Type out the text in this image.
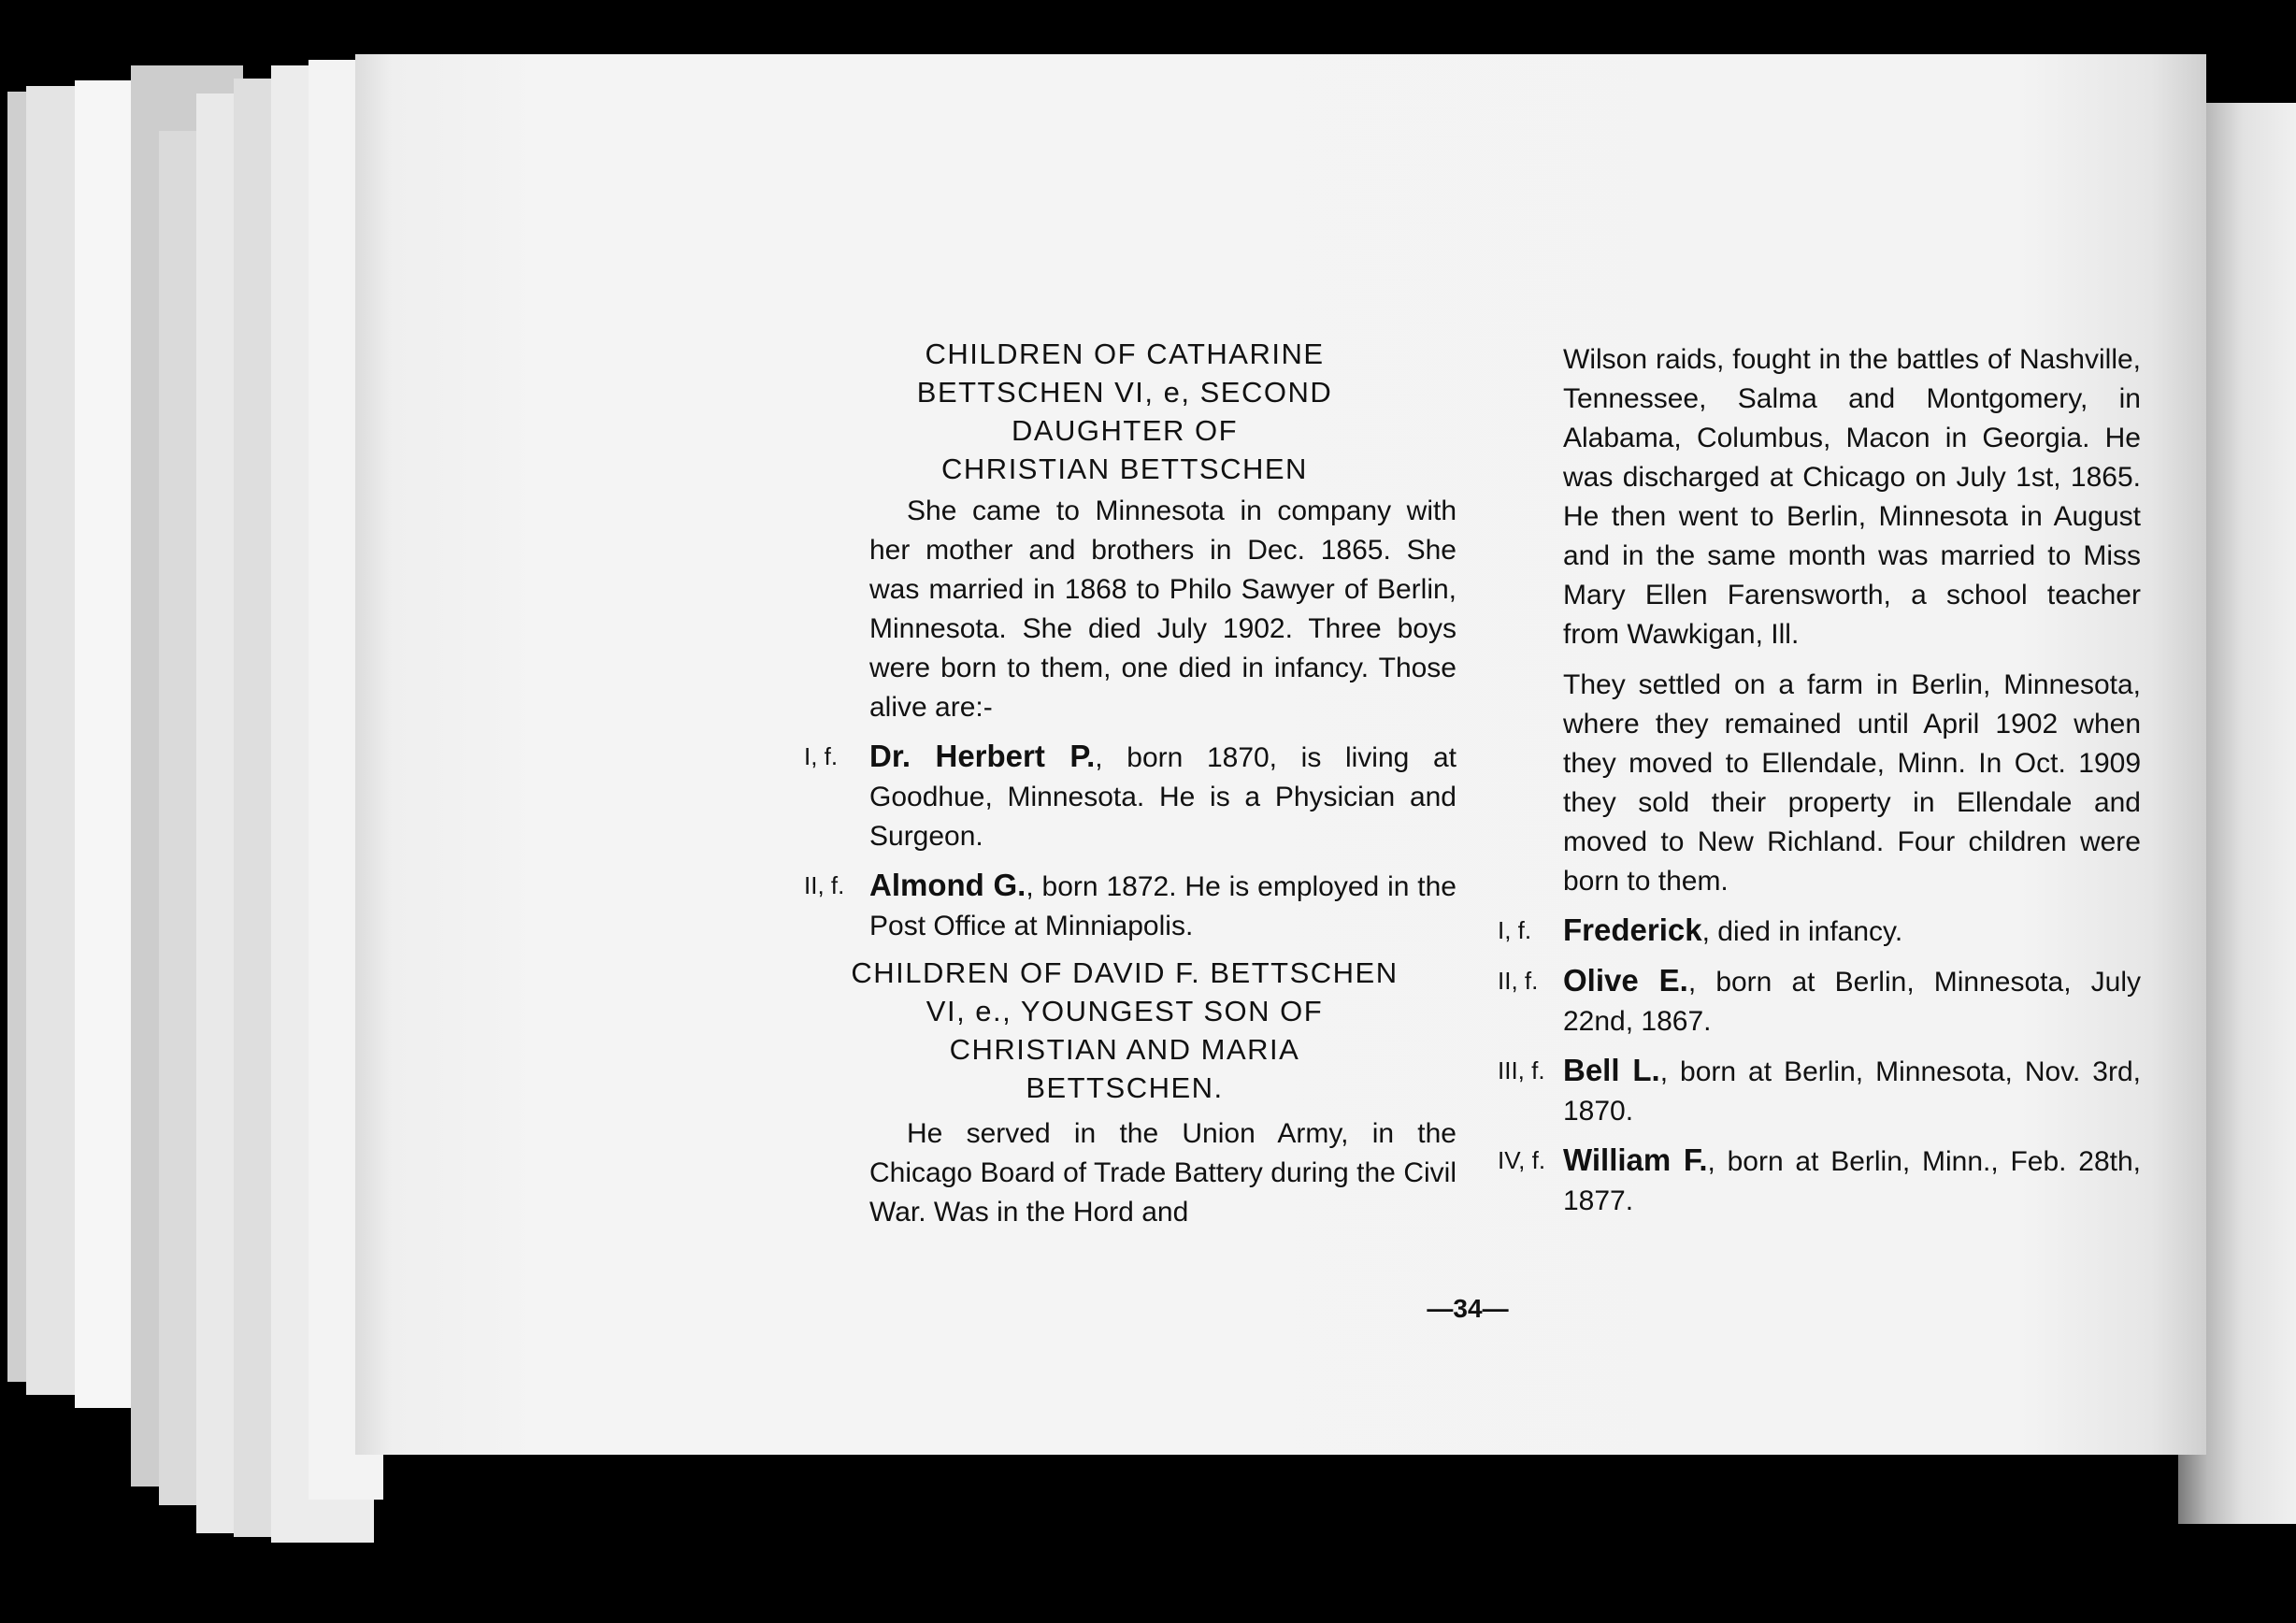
CHILDREN OF CATHARINE
BETTSCHEN VI, e, SECOND
DAUGHTER OF
CHRISTIAN BETTSCHEN

She came to Minnesota in company with her mother and brothers in Dec. 1865. She was married in 1868 to Philo Sawyer of Berlin, Minnesota. She died July 1902. Three boys were born to them, one died in infancy. Those alive are:-

I, f. Dr. Herbert P., born 1870, is living at Goodhue, Minnesota. He is a Physician and Surgeon.
II, f. Almond G., born 1872. He is employed in the Post Office at Minniapolis.
CHILDREN OF DAVID F. BETTSCHEN
VI, e., YOUNGEST SON OF
CHRISTIAN AND MARIA
BETTSCHEN.

He served in the Union Army, in the Chicago Board of Trade Battery during the Civil War. Was in the Hord and

Wilson raids, fought in the battles of Nashville, Tennessee, Salma and Montgomery, in Alabama, Columbus, Macon in Georgia. He was discharged at Chicago on July 1st, 1865. He then went to Berlin, Minnesota in August and in the same month was married to Miss Mary Ellen Farensworth, a school teacher from Wawkigan, Ill.

They settled on a farm in Berlin, Minnesota, where they remained until April 1902 when they moved to Ellendale, Minn. In Oct. 1909 they sold their property in Ellendale and moved to New Richland. Four children were born to them.

I, f. Frederick, died in infancy.
II, f. Olive E., born at Berlin, Minnesota, July 22nd, 1867.
III, f. Bell L., born at Berlin, Minnesota, Nov. 3rd, 1870.
IV, f. William F., born at Berlin, Minn., Feb. 28th, 1877.
—34—
